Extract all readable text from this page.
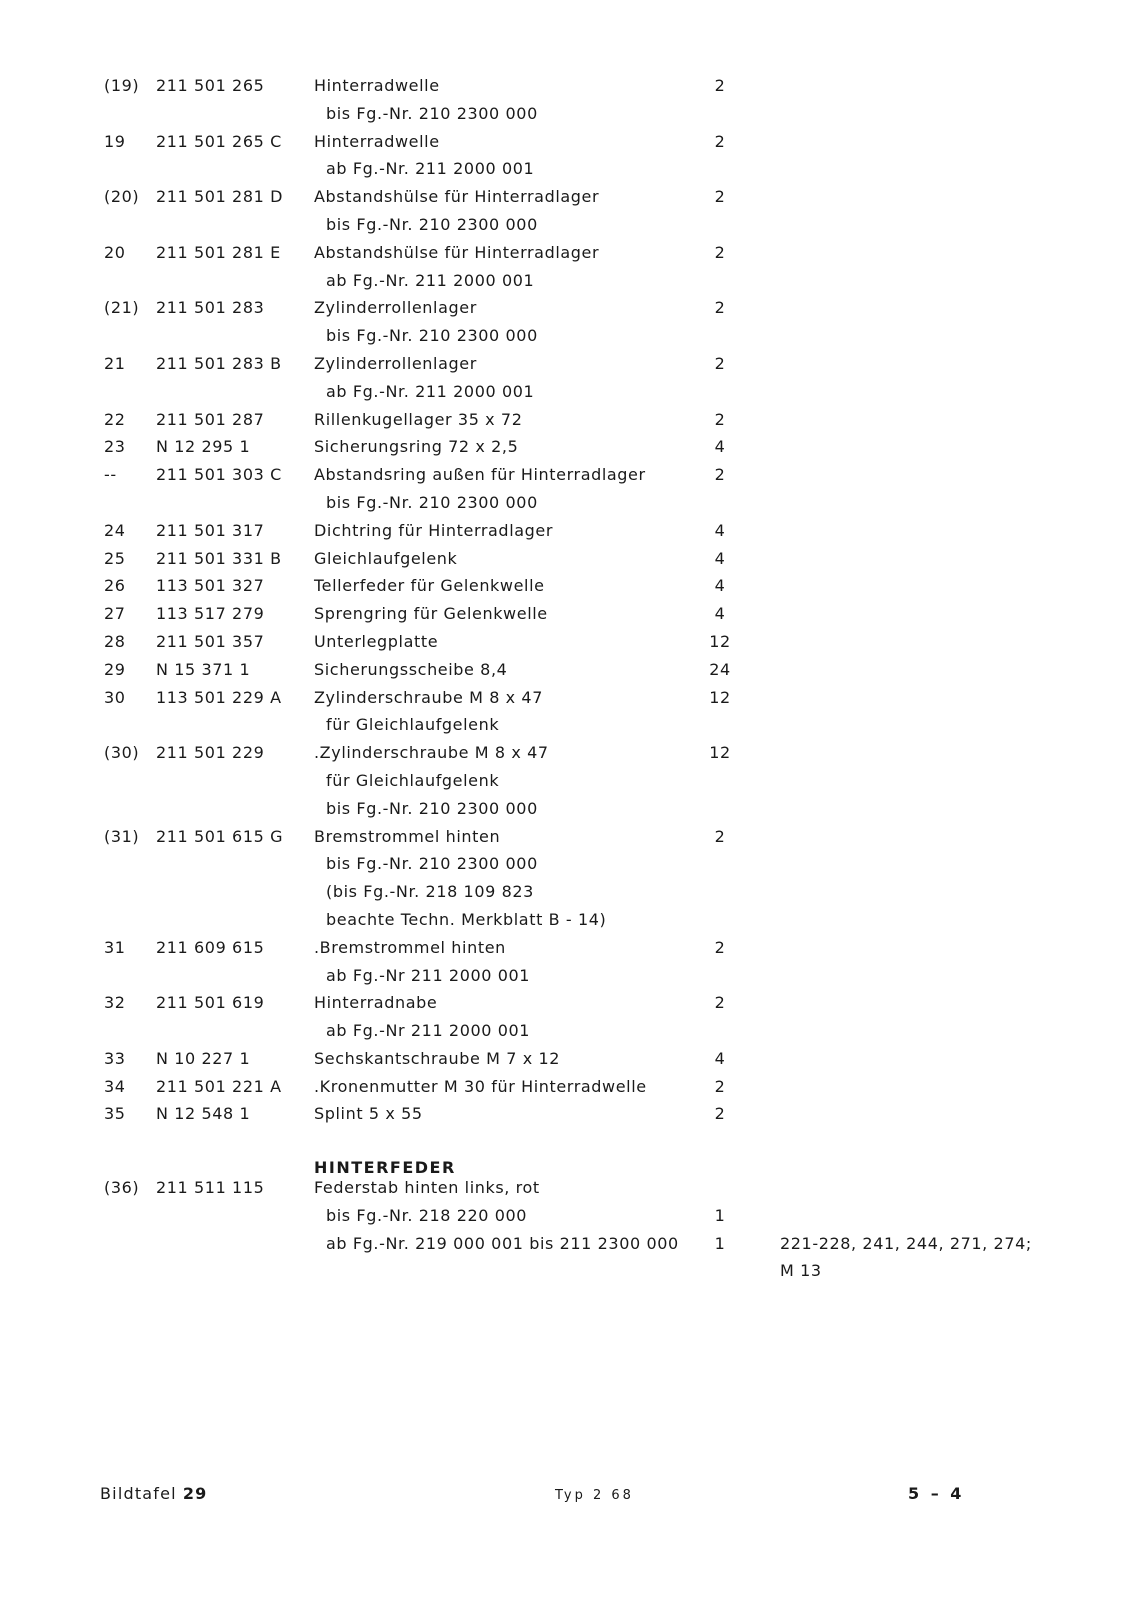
(19) 211 501 265	Hinterradwelle	2
bis Fg.-Nr. 210 2300 000
19 211 501 265 C Hinterradwelle	2
ab Fg.-Nr. 211 2000 001
(20) 211 501 281 D Abstandshülse für Hinterradlager	2
bis Fg.-Nr. 210 2300 000
20 211 501 281 E Abstandshülse für Hinterradlager	2
ab Fg.-Nr. 211 2000 001
(21) 211 501 283	Zylinderrollenlager	2
bis Fg.-Nr. 210 2300 000
21 211 501 283 B Zylinderrollenlager	2
ab Fg.-Nr. 211 2000 001
22 211 501 287	Rillenkugellager 35 x 72	2
23 N 12 295 1	Sicherungsring 72 x 2,5	4
-- 211 501 303 C Abstandsring außen für Hinterradlager	2
bis Fg.-Nr. 210 2300 000
24 211 501 317	Dichtring für Hinterradlager	4
25 211 501 331 B Gleichlaufgelenk	4
26 113 501 327	Tellerfeder für Gelenkwelle	4
27 113 517 279	Sprengring für Gelenkwelle	4
28 211 501 357	Unterlegplatte	12
29 N 15 371 1	Sicherungsscheibe 8,4	24
30 113 501 229 A Zylinderschraube M 8 x 47	12
für Gleichlaufgelenk
(30) 211 501 229	.Zylinderschraube M 8 x 47	12
für Gleichlaufgelenk
bis Fg.-Nr. 210 2300 000
(31) 211 501 615 G Bremstrommel hinten	2
bis Fg.-Nr. 210 2300 000
(bis Fg.-Nr. 218 109 823
beachte Techn. Merkblatt B - 14)
31 211 609 615	.Bremstrommel hinten	2
ab Fg.-Nr 211 2000 001
32 211 501 619	Hinterradnabe	2
ab Fg.-Nr 211 2000 001
33 N 10 227 1	Sechskantschraube M 7 x 12	4
34 211 501 221 A .Kronenmutter M 30 für Hinterradwelle	2
35 N 12 548 1	Splint 5 x 55	2
HINTERFEDER
(36) 211 511 115	Federstab hinten links, rot
bis Fg.-Nr. 218 220 000	1
ab Fg.-Nr. 219 000 001 bis 211 2300 000	1	221-228, 241, 244, 271, 274;
M 13
Bildtafel 29	Typ 2 68	5 – 4
